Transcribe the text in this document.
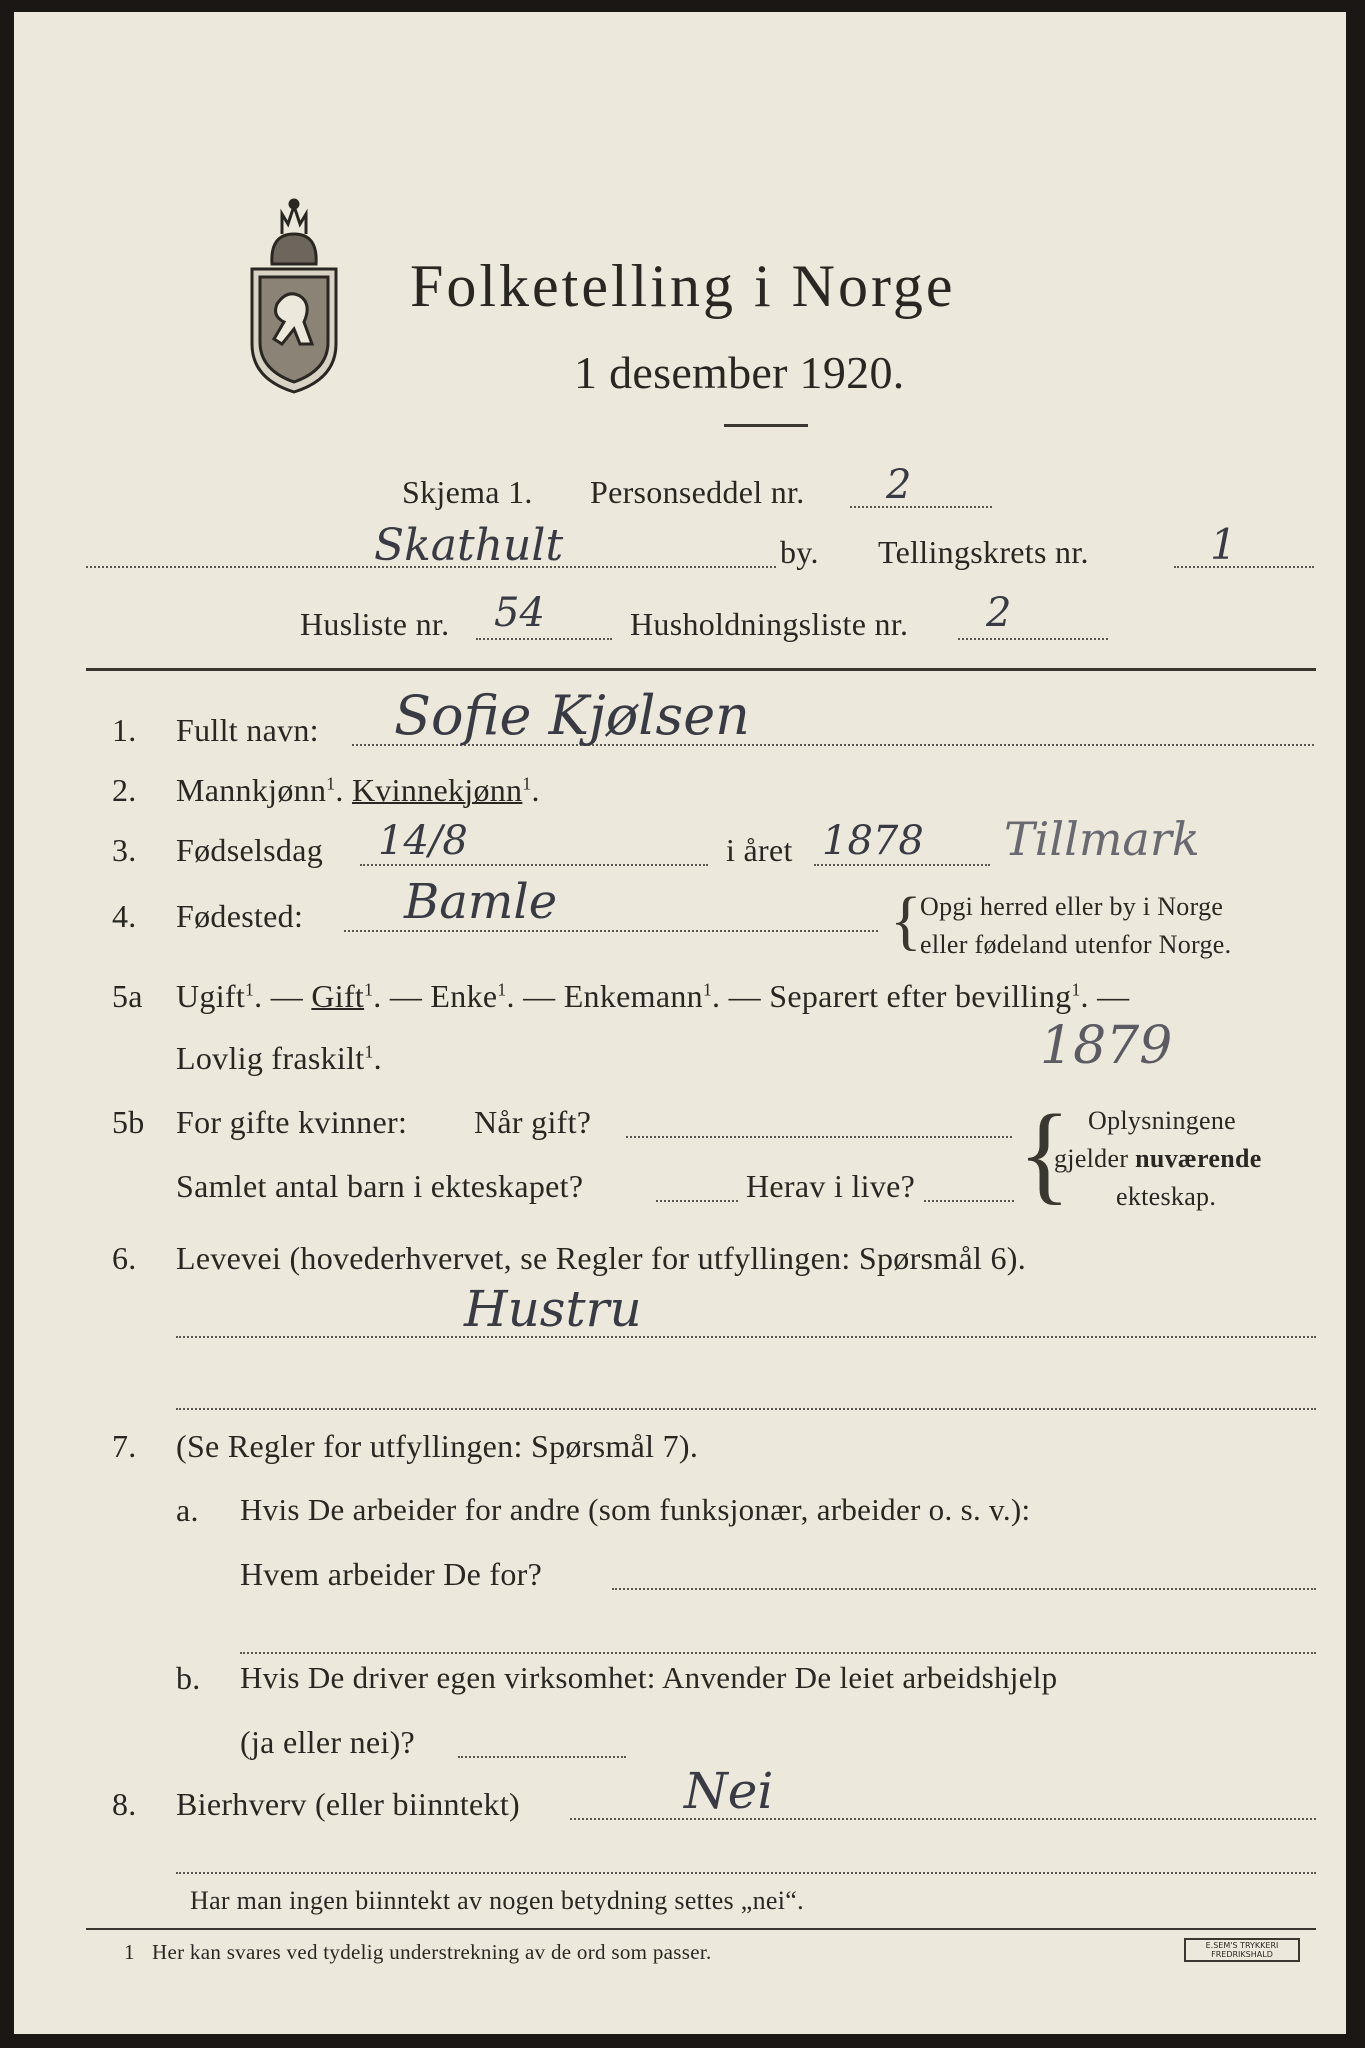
Folketelling i Norge
1 desember 1920.
Skjema 1. Personseddel nr. 2
Skathult	by. Tellingskrets nr.	1
Husliste nr. 54	Husholdningsliste nr. 2
1. Fullt navn: Sofie Kjølsen
2. Mannkjønn$^1$. Kvinnekjønn$^1$.
3. Fødselsdag 14/8	i året 1878 Tillmark
4. Fødested: Bamle	{
Opgi herred eller by i Norge
eller fødeland utenfor Norge.
5a Ugift$^1$. — Gift$^1$. — Enke$^1$. — Enkemann$^1$. — Separert efter bevilling$^1$. —
Lovlig fraskilt$^1$.	1879
5b For gifte kvinner: Når gift?
Samlet antal barn i ekteskapet?	Herav i live? { Oplysningene
gjelder nuværende
ekteskap.
6. Levevei (hovederhvervet, se Regler for utfyllingen: Spørsmål 6).
Hustru
7. (Se Regler for utfyllingen: Spørsmål 7).
a. Hvis De arbeider for andre (som funksjonær, arbeider o. s. v.):
Hvem arbeider De for?
b. Hvis De driver egen virksomhet: Anvender De leiet arbeidshjelp
(ja eller nei)?
8. Bierhverv (eller biinntekt)	Nei
Har man ingen biinntekt av nogen betydning settes „nei“.
1 Her kan svares ved tydelig understrekning av de ord som passer.	E.SEM'S TRYKKERI FREDRIKSHALD
